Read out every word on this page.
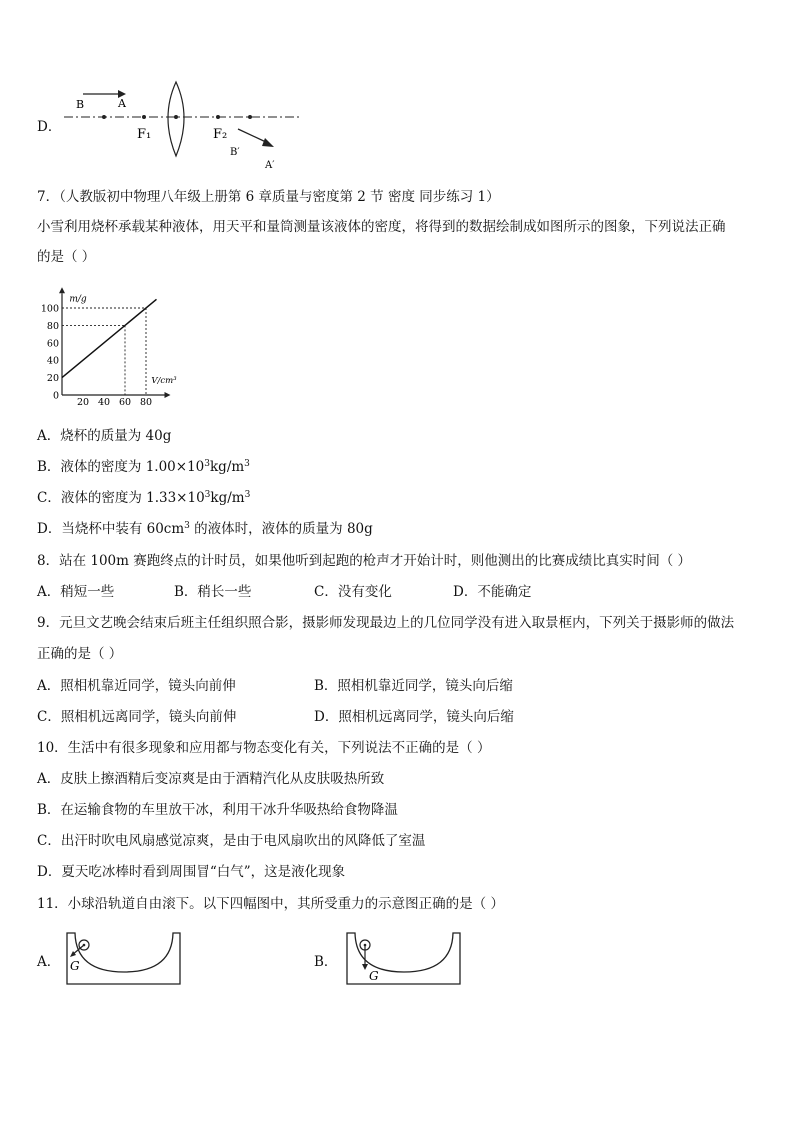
D．
B	A
F₁	F₂
B′
A′
7．（人教版初中物理八年级上册第 6 章质量与密度第 2 节 密度 同步练习 1）
小雪利用烧杯承载某种液体，用天平和量筒测量该液体的密度，将得到的数据绘制成如图所示的图象，下列说法正确
的是（ ）
20 40 60 80
0
20
40
60
80
100
m/g
V/cm³
A．烧杯的质量为 40g
B．液体的密度为 $1.00\times 10^3kg/m^3$
C．液体的密度为 $1.33\times 10^3kg/m^3$
D．当烧杯中装有 $60cm^3$ 的液体时，液体的质量为 80g
8．站在 100m 赛跑终点的计时员，如果他听到起跑的枪声才开始计时，则他测出的比赛成绩比真实时间（ ）
A．稍短一些	B．稍长一些	C．没有变化	D．不能确定
9．元旦文艺晚会结束后班主任组织照合影，摄影师发现最边上的几位同学没有进入取景框内，下列关于摄影师的做法
正确的是（ ）
A．照相机靠近同学，镜头向前伸	B．照相机靠近同学，镜头向后缩
C．照相机远离同学，镜头向前伸	D．照相机远离同学，镜头向后缩
10．生活中有很多现象和应用都与物态变化有关，下列说法不正确的是（ ）
A．皮肤上擦酒精后变凉爽是由于酒精汽化从皮肤吸热所致
B．在运输食物的车里放干冰，利用干冰升华吸热给食物降温
C．出汗时吹电风扇感觉凉爽，是由于电风扇吹出的风降低了室温
D．夏天吃冰棒时看到周围冒“白气”，这是液化现象
11．小球沿轨道自由滚下。以下四幅图中，其所受重力的示意图正确的是（ ）
A． G	B．
G
